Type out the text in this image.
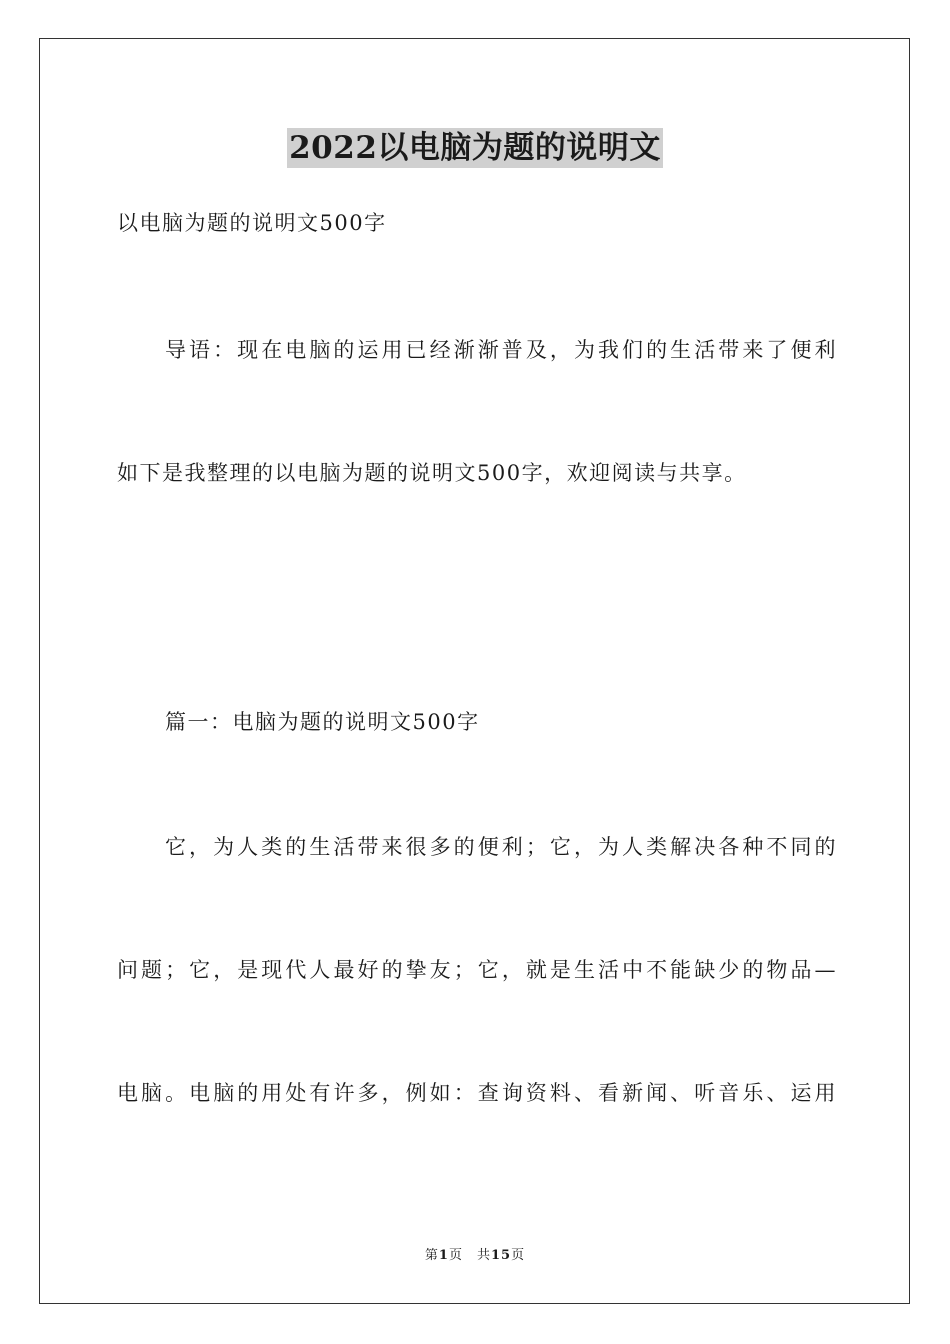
2022以电脑为题的说明文
以电脑为题的说明文500字
导语：现在电脑的运用已经渐渐普及，为我们的生活带来了便利
如下是我整理的以电脑为题的说明文500字，欢迎阅读与共享。
篇一：电脑为题的说明文500字
它，为人类的生活带来很多的便利；它，为人类解决各种不同的
问题；它，是现代人最好的挚友；它，就是生活中不能缺少的物品—
电脑。电脑的用处有许多，例如：查询资料、看新闻、听音乐、运用
第1页 共15页
